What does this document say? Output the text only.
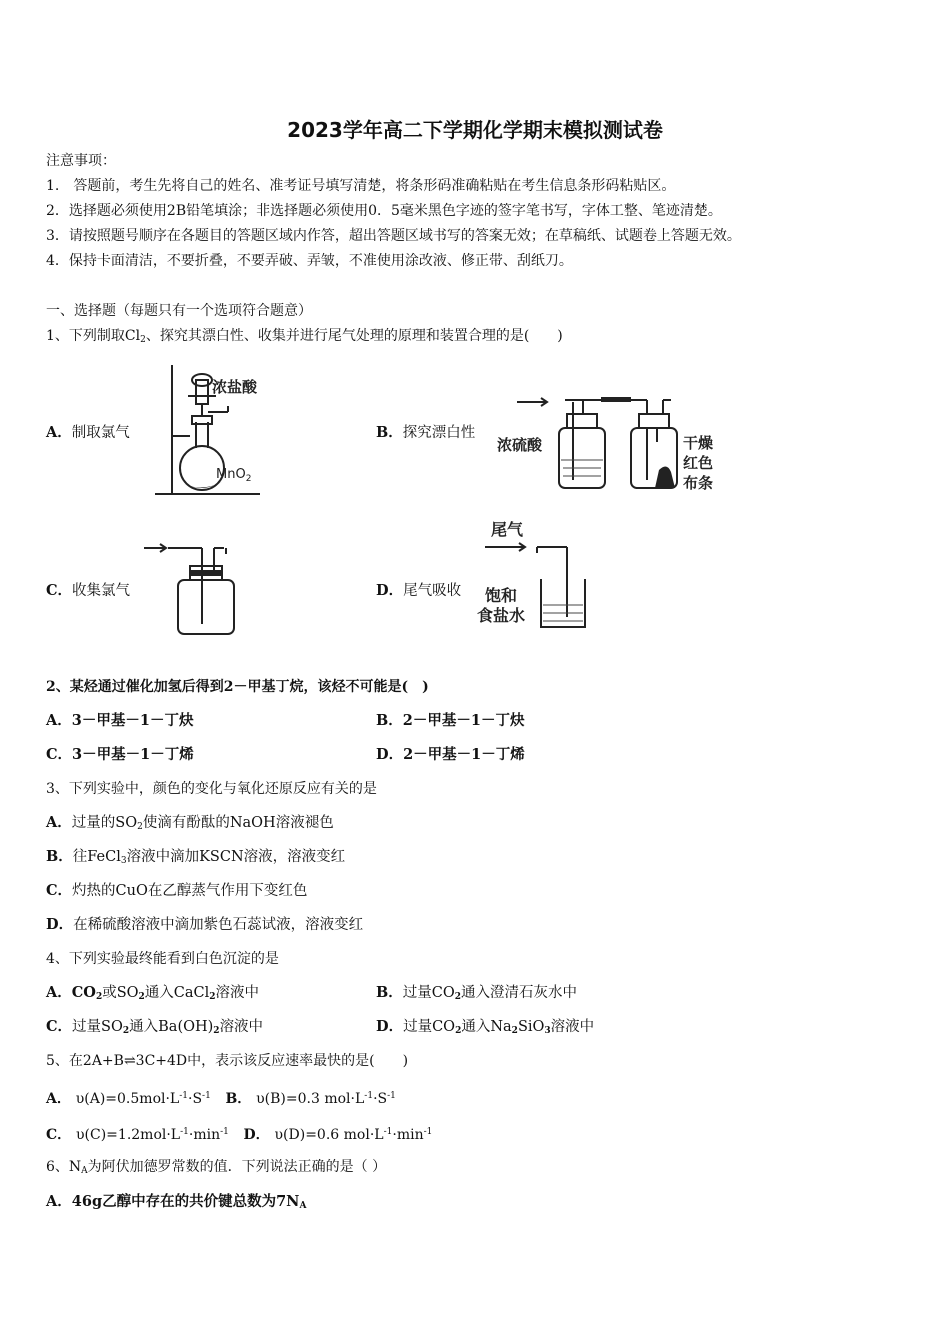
2023学年高二下学期化学期末模拟测试卷
注意事项：
1.　答题前，考生先将自己的姓名、准考证号填写清楚，将条形码准确粘贴在考生信息条形码粘贴区。
2．选择题必须使用2B铅笔填涂；非选择题必须使用0．5毫米黑色字迹的签字笔书写，字体工整、笔迹清楚。
3．请按照题号顺序在各题目的答题区域内作答，超出答题区域书写的答案无效；在草稿纸、试题卷上答题无效。
4．保持卡面清洁，不要折叠，不要弄破、弄皱，不准使用涂改液、修正带、刮纸刀。
一、选择题（每题只有一个选项符合题意）
1、下列制取$Cl_2$、探究其漂白性、收集并进行尾气处理的原理和装置合理的是(　　)
A．制取氯气	B．探究漂白性
C．收集氯气	D．尾气吸收
浓盐酸
MnO$_2$
浓硫酸	干燥
红色
布条
尾气
饱和
食盐水
2、某烃通过催化加氢后得到2－甲基丁烷，该烃不可能是(　)
A．3－甲基－1－丁炔	B．2－甲基－1－丁炔
C．3－甲基－1－丁烯	D．2－甲基－1－丁烯
3、下列实验中，颜色的变化与氧化还原反应有关的是
A．过量的$SO_2$使滴有酚酞的NaOH溶液褪色
B．往FeCl$_3$溶液中滴加KSCN溶液，溶液变红
C．灼热的CuO在乙醇蒸气作用下变红色
D．在稀硫酸溶液中滴加紫色石蕊试液，溶液变红
4、下列实验最终能看到白色沉淀的是
A．$CO_2$或$SO_2$通入CaCl$_2$溶液中	B．过量$CO_2$通入澄清石灰水中
C．过量$SO_2$通入$Ba(OH)_2$溶液中	D．过量$CO_2$通入$Na_2SiO_3$溶液中
5、在2A+B⇌3C+4D中，表示该反应速率最快的是(　　)
A． $\upsilon(A)=0.5mol\cdot L^{-1}\cdot S^{-1}$ B． υ(B)=0.3 $mol\cdot L^{-1}\cdot S^{-1}$
C． $\upsilon(C)=1.2mol\cdot L^{-1}\cdot\min^{-1}$ D． υ(D)=0.6 $mol\cdot L^{-1}\cdot\min^{-1}$
6、$N_A$为阿伏加德罗常数的值．下列说法正确的是（ ）
A．46g乙醇中存在的共价键总数为$7N_A$
